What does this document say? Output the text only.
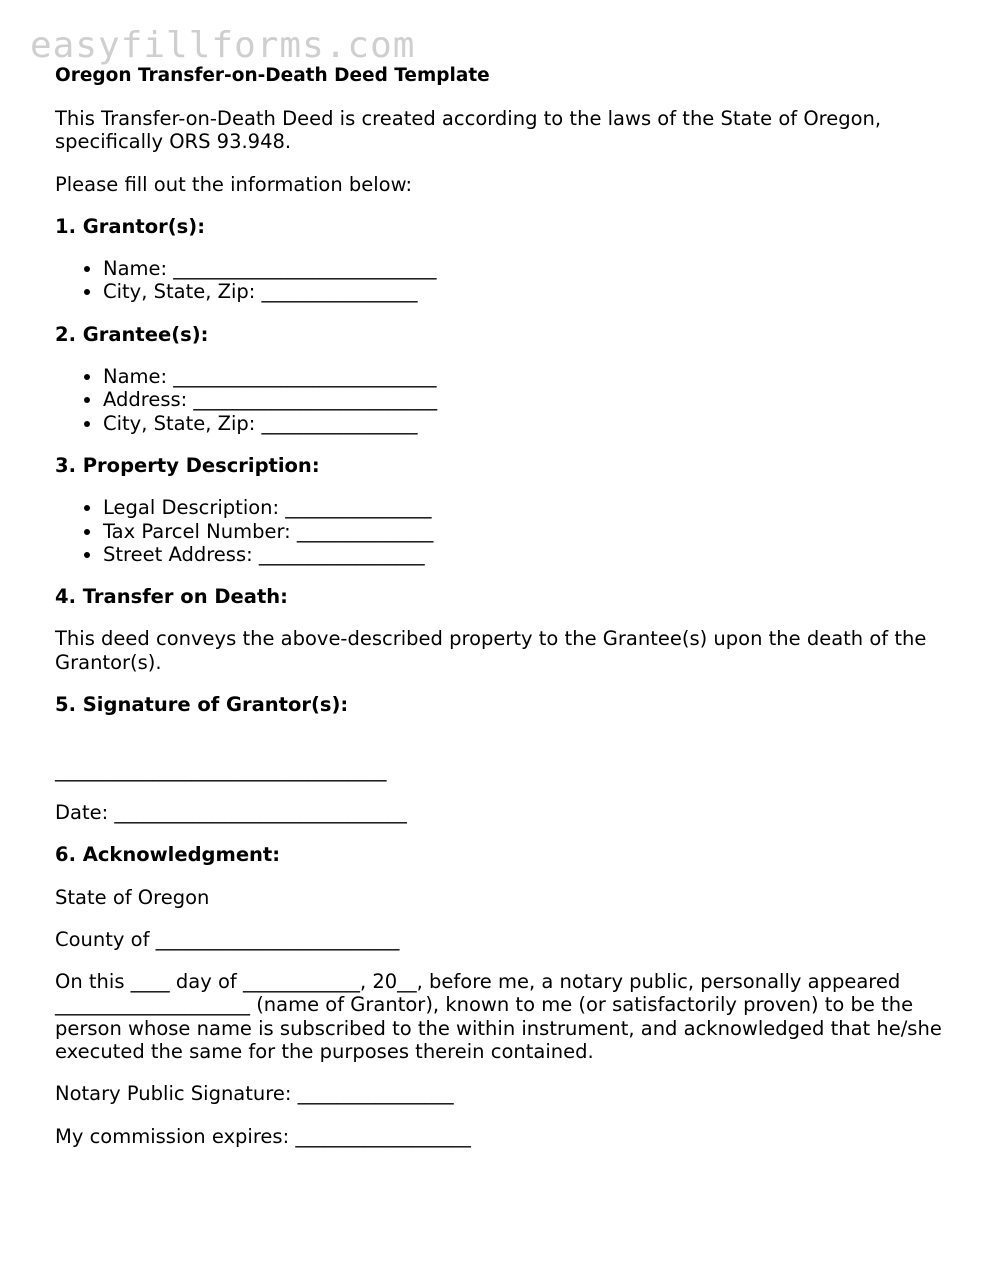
easyfillforms.com
Oregon Transfer-on-Death Deed Template

This Transfer-on-Death Deed is created according to the laws of the State of Oregon, specifically ORS 93.948.

Please fill out the information below:

1. Grantor(s):
• Name: ___________________________
• City, State, Zip: ________________
2. Grantee(s):
• Name: ___________________________
• Address: _________________________
• City, State, Zip: ________________
3. Property Description:
• Legal Description: _______________
• Tax Parcel Number: ______________
• Street Address: _________________
4. Transfer on Death:

This deed conveys the above-described property to the Grantee(s) upon the death of the Grantor(s).

5. Signature of Grantor(s):
__________________________________

Date: ______________________________

6. Acknowledgment:

State of Oregon

County of _________________________

On this ____ day of ____________, 20__, before me, a notary public, personally appeared ____________________ (name of Grantor), known to me (or satisfactorily proven) to be the person whose name is subscribed to the within instrument, and acknowledged that he/she executed the same for the purposes therein contained.

Notary Public Signature: ________________

My commission expires: __________________
